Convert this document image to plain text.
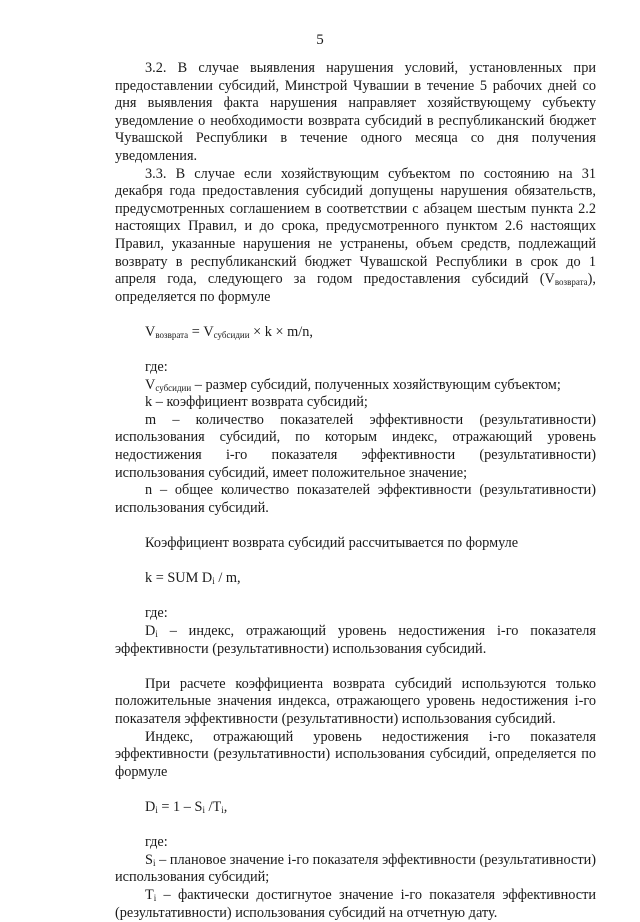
5

3.2. В случае выявления нарушения условий, установленных при предоставлении субсидий, Минстрой Чувашии в течение 5 рабочих дней со дня выявления факта нарушения направляет хозяйствующему субъекту уведомление о необходимости возврата субсидий в республиканский бюджет Чувашской Республики в течение одного месяца со дня получения уведомления.

3.3. В случае если хозяйствующим субъектом по состоянию на 31 декабря года предоставления субсидий допущены нарушения обязательств, предусмотренных соглашением в соответствии с абзацем шестым пункта 2.2 настоящих Правил, и до срока, предусмотренного пунктом 2.6 настоящих Правил, указанные нарушения не устранены, объем средств, подлежащий возврату в республиканский бюджет Чувашской Республики в срок до 1 апреля года, следующего за годом предоставления субсидий $(V_{возврата})$, определяется по формуле

$V_{возврата} = V_{субсидии} \times k \times m/n$,

где:

$V_{субсидии}$ – размер субсидий, полученных хозяйствующим субъектом;

k – коэффициент возврата субсидий;

m – количество показателей эффективности (результативности) использования субсидий, по которым индекс, отражающий уровень недостижения i-го показателя эффективности (результативности) использования субсидий, имеет положительное значение;

n – общее количество показателей эффективности (результативности) использования субсидий.

Коэффициент возврата субсидий рассчитывается по формуле

k = SUM $D_i$ / m,

где:

$D_i$ – индекс, отражающий уровень недостижения i-го показателя эффективности (результативности) использования субсидий.

При расчете коэффициента возврата субсидий используются только положительные значения индекса, отражающего уровень недостижения i-го показателя эффективности (результативности) использования субсидий.

Индекс, отражающий уровень недостижения i-го показателя эффективности (результативности) использования субсидий, определяется по формуле

$D_i = 1 - S_i$ $/T_i$,

где:

$S_i$ – плановое значение i-го показателя эффективности (результативности) использования субсидий;

$T_i$ – фактически достигнутое значение i-го показателя эффективности (результативности) использования субсидий на отчетную дату.
